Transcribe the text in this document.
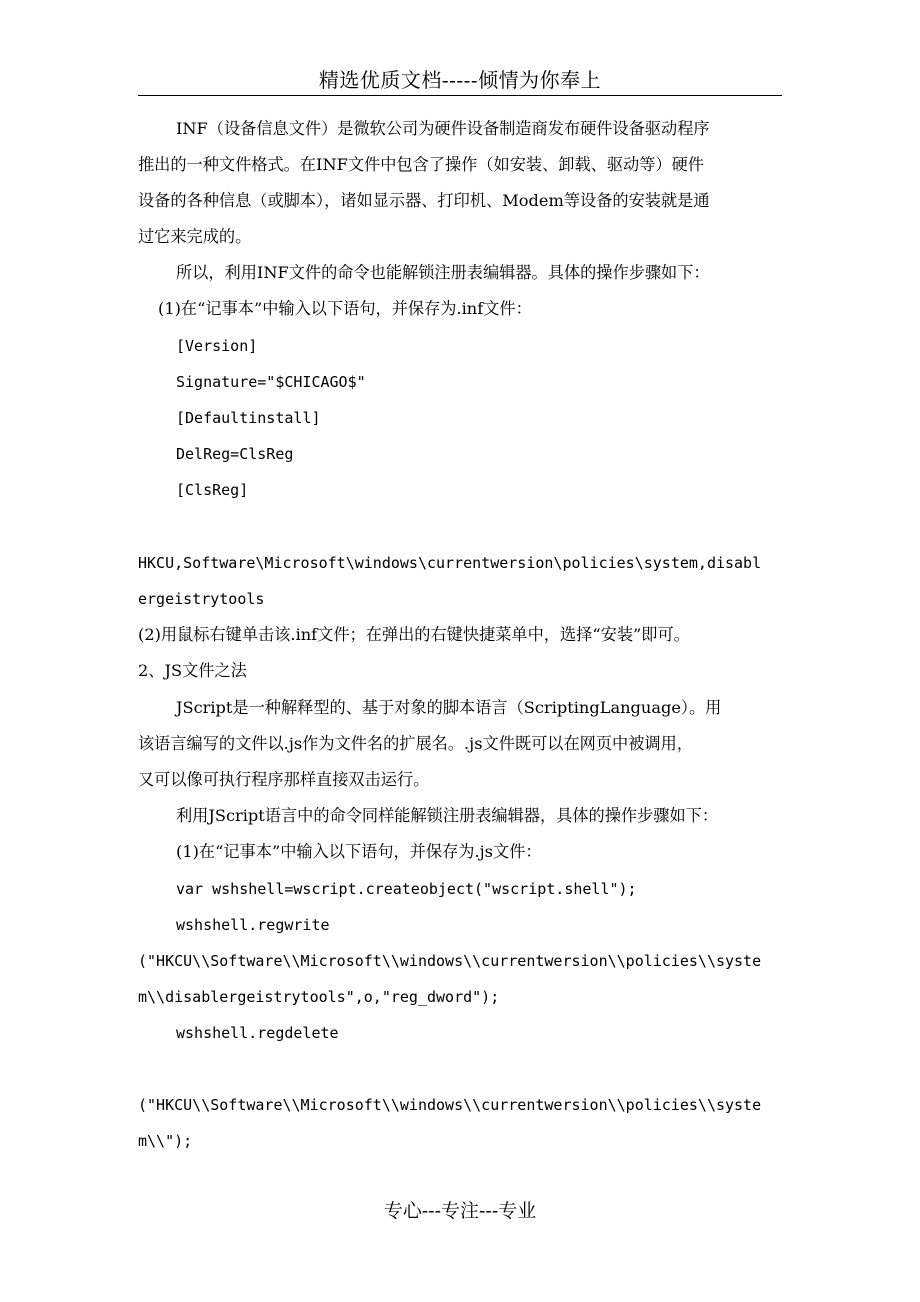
精选优质文档-----倾情为你奉上
INF（设备信息文件）是微软公司为硬件设备制造商发布硬件设备驱动程序
推出的一种文件格式。在INF文件中包含了操作（如安装、卸载、驱动等）硬件
设备的各种信息（或脚本），诸如显示器、打印机、Modem等设备的安装就是通
过它来完成的。
所以，利用INF文件的命令也能解锁注册表编辑器。具体的操作步骤如下：
(1)在“记事本”中输入以下语句，并保存为.inf文件：
[Version]
Signature="$CHICAGO$"
[Defaultinstall]
DelReg=ClsReg
[ClsReg]
HKCU,Software\Microsoft\windows\currentwersion\policies\system,disabl
ergeistrytools
(2)用鼠标右键单击该.inf文件；在弹出的右键快捷菜单中，选择“安装”即可。
2、JS文件之法
JScript是一种解释型的、基于对象的脚本语言（ScriptingLanguage）。用
该语言编写的文件以.js作为文件名的扩展名。.js文件既可以在网页中被调用，
又可以像可执行程序那样直接双击运行。
利用JScript语言中的命令同样能解锁注册表编辑器，具体的操作步骤如下：
(1)在“记事本”中输入以下语句，并保存为.js文件：
var wshshell=wscript.createobject("wscript.shell");
wshshell.regwrite
("HKCU\\Software\\Microsoft\\windows\\currentwersion\\policies\\syste
m\\disablergeistrytools",o,"reg_dword");
wshshell.regdelete
("HKCU\\Software\\Microsoft\\windows\\currentwersion\\policies\\syste
m\\");
专心---专注---专业
